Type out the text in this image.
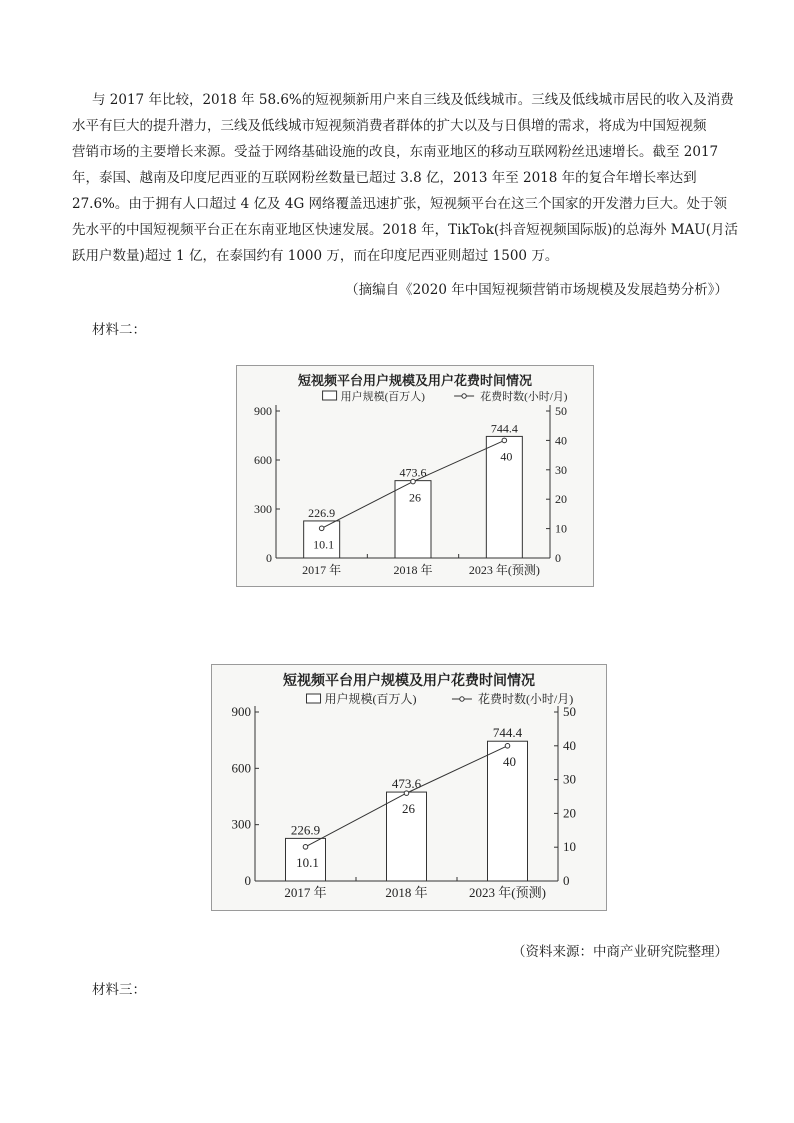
与 2017 年比较，2018 年 58.6%的短视频新用户来自三线及低线城市。三线及低线城市居民的收入及消费
水平有巨大的提升潜力，三线及低线城市短视频消费者群体的扩大以及与日俱增的需求，将成为中国短视频
营销市场的主要增长来源。受益于网络基础设施的改良，东南亚地区的移动互联网粉丝迅速增长。截至 2017
年，泰国、越南及印度尼西亚的互联网粉丝数量已超过 3.8 亿，2013 年至 2018 年的复合年增长率达到
27.6%。由于拥有人口超过 4 亿及 4G 网络覆盖迅速扩张，短视频平台在这三个国家的开发潜力巨大。处于领
先水平的中国短视频平台正在东南亚地区快速发展。2018 年，TikTok(抖音短视频国际版)的总海外 MAU(月活
跃用户数量)超过 1 亿，在泰国约有 1000 万，而在印度尼西亚则超过 1500 万。
（摘编自《2020 年中国短视频营销市场规模及发展趋势分析》）
材料二：
短视频平台用户规模及用户花费时间情况
用户规模(百万人)	花费时数(小时/月)
0
300
600
900
0
10
20
30
40
50
2017 年	2018 年	2023 年(预测)
226.9
473.6
744.4
10.1
26
40
短视频平台用户规模及用户花费时间情况
用户规模(百万人)	花费时数(小时/月)
0
300
600
900
0
10
20
30
40
50
2017 年	2018 年	2023 年(预测)
226.9
473.6
744.4
10.1
26
40
（资料来源：中商产业研究院整理）
材料三：
